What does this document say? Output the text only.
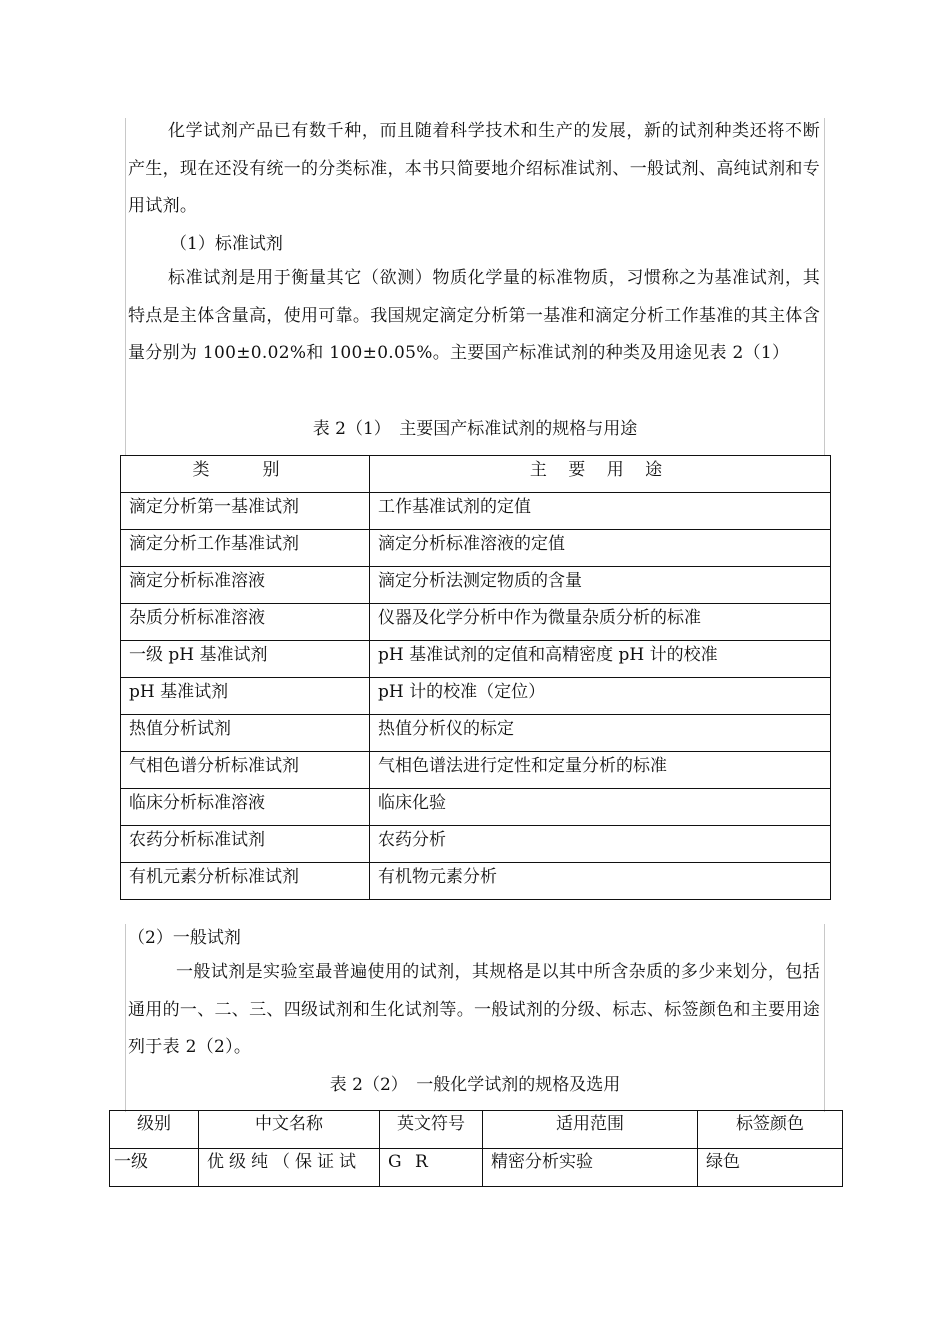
化学试剂产品已有数千种，而且随着科学技术和生产的发展，新的试剂种类还将不断产生，现在还没有统一的分类标准，本书只简要地介绍标准试剂、一般试剂、高纯试剂和专用试剂。

（1）标准试剂

标准试剂是用于衡量其它（欲测）物质化学量的标准物质，习惯称之为基准试剂，其特点是主体含量高，使用可靠。我国规定滴定分析第一基准和滴定分析工作基准的其主体含量分别为 100±0.02%和 100±0.05%。主要国产标准试剂的种类及用途见表 2（1）

表 2（1）　主要国产标准试剂的规格与用途

类　别	主 要 用 途
滴定分析第一基准试剂	工作基准试剂的定值
滴定分析工作基准试剂	滴定分析标准溶液的定值
滴定分析标准溶液	滴定分析法测定物质的含量
杂质分析标准溶液	仪器及化学分析中作为微量杂质分析的标准
一级 pH 基准试剂	pH 基准试剂的定值和高精密度 pH 计的校准
pH 基准试剂	pH 计的校准（定位）
热值分析试剂	热值分析仪的标定
气相色谱分析标准试剂	气相色谱法进行定性和定量分析的标准
临床分析标准溶液	临床化验
农药分析标准试剂	农药分析
有机元素分析标准试剂	有机物元素分析

（2）一般试剂

一般试剂是实验室最普遍使用的试剂，其规格是以其中所含杂质的多少来划分，包括通用的一、二、三、四级试剂和生化试剂等。一般试剂的分级、标志、标签颜色和主要用途列于表 2（2）。

表 2（2）　一般化学试剂的规格及选用

级别	中文名称	英文符号	适用范围	标签颜色
一级	优级纯（保证试	G R	精密分析实验	绿色
